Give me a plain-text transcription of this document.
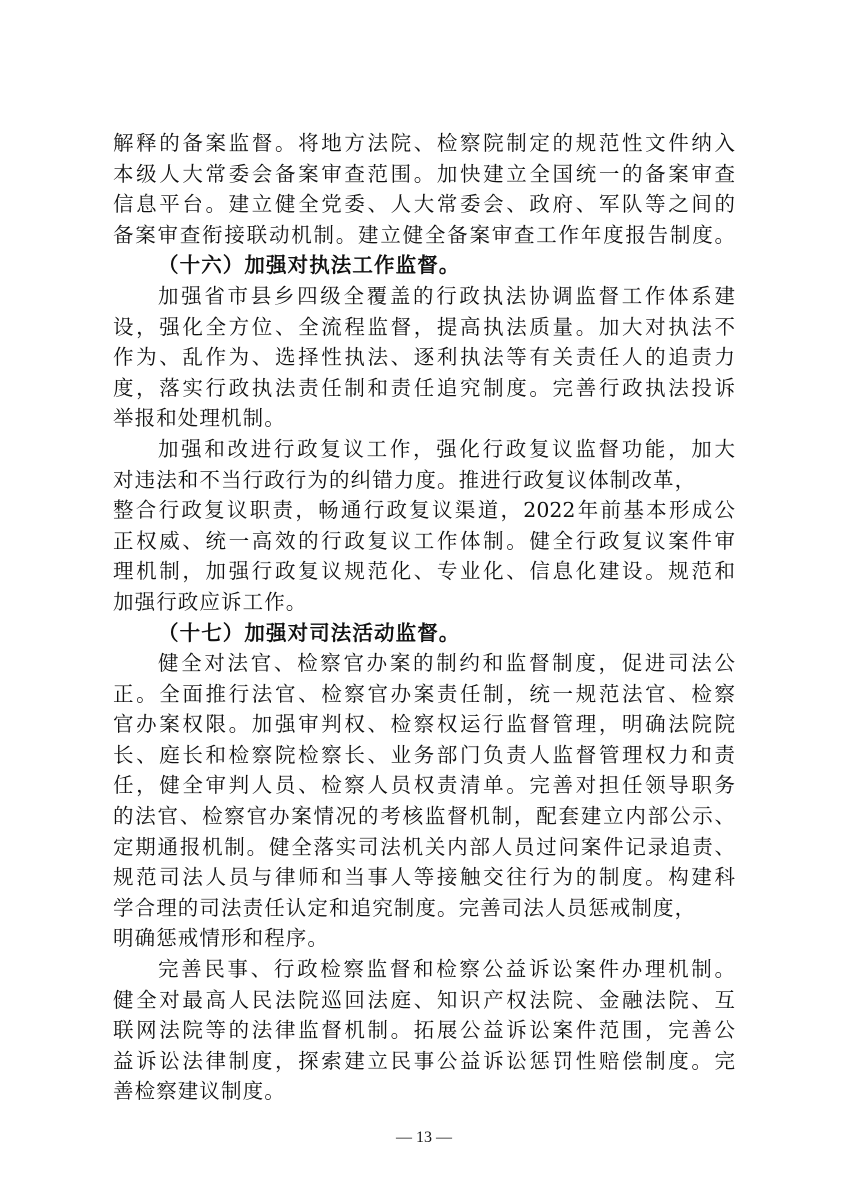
解释的备案监督。将地方法院、检察院制定的规范性文件纳入
本级人大常委会备案审查范围。加快建立全国统一的备案审查
信息平台。建立健全党委、人大常委会、政府、军队等之间的
备案审查衔接联动机制。建立健全备案审查工作年度报告制度。
（十六）加强对执法工作监督。
加强省市县乡四级全覆盖的行政执法协调监督工作体系建
设，强化全方位、全流程监督，提高执法质量。加大对执法不
作为、乱作为、选择性执法、逐利执法等有关责任人的追责力
度，落实行政执法责任制和责任追究制度。完善行政执法投诉
举报和处理机制。
加强和改进行政复议工作，强化行政复议监督功能，加大
对违法和不当行政行为的纠错力度。推进行政复议体制改革，
整合行政复议职责，畅通行政复议渠道，2022年前基本形成公
正权威、统一高效的行政复议工作体制。健全行政复议案件审
理机制，加强行政复议规范化、专业化、信息化建设。规范和
加强行政应诉工作。
（十七）加强对司法活动监督。
健全对法官、检察官办案的制约和监督制度，促进司法公
正。全面推行法官、检察官办案责任制，统一规范法官、检察
官办案权限。加强审判权、检察权运行监督管理，明确法院院
长、庭长和检察院检察长、业务部门负责人监督管理权力和责
任，健全审判人员、检察人员权责清单。完善对担任领导职务
的法官、检察官办案情况的考核监督机制，配套建立内部公示、
定期通报机制。健全落实司法机关内部人员过问案件记录追责、
规范司法人员与律师和当事人等接触交往行为的制度。构建科
学合理的司法责任认定和追究制度。完善司法人员惩戒制度，
明确惩戒情形和程序。
完善民事、行政检察监督和检察公益诉讼案件办理机制。
健全对最高人民法院巡回法庭、知识产权法院、金融法院、互
联网法院等的法律监督机制。拓展公益诉讼案件范围，完善公
益诉讼法律制度，探索建立民事公益诉讼惩罚性赔偿制度。完
善检察建议制度。
— 13 —
